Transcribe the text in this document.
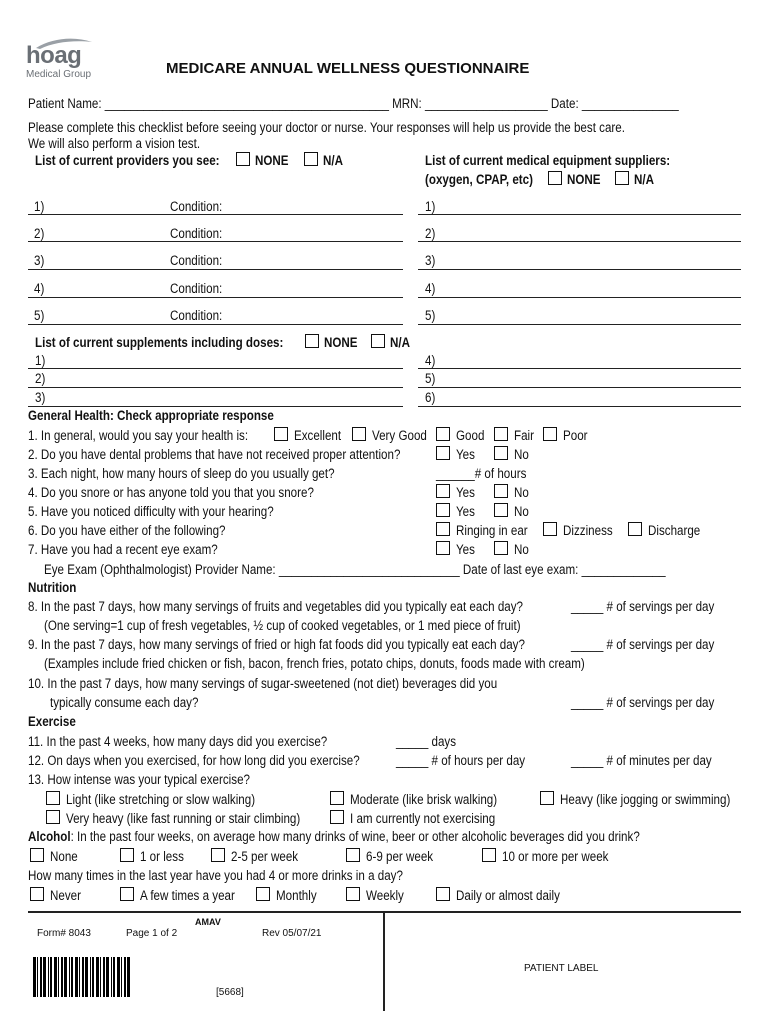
hoag
Medical Group	MEDICARE ANNUAL WELLNESS QUESTIONNAIRE
Patient Name: ____________________________________________ MRN: ___________________ Date: _______________
Please complete this checklist before seeing your doctor or nurse. Your responses will help us provide the best care.
We will also perform a vision test.
List of current providers you see:	NONE	N/A	List of current medical equipment suppliers:
(oxygen, CPAP, etc)	NONE N/A
1)	Condition:	1)
2)	Condition:	2)
3)	Condition:	3)
4)	Condition:	4)
5)	Condition:	5)
List of current supplements including doses:	NONE N/A
1)
2)
3)
4)
5)
6)
General Health: Check appropriate response
1. In general, would you say your health is:	Excellent Very Good Good Fair Poor
2. Do you have dental problems that have not received proper attention?	Yes	No
3. Each night, how many hours of sleep do you usually get?	______# of hours
4. Do you snore or has anyone told you that you snore?	Yes	No
5. Have you noticed difficulty with your hearing?	Yes	No
6. Do you have either of the following?	Ringing in ear	Dizziness	Discharge
7. Have you had a recent eye exam?	Yes	No
Eye Exam (Ophthalmologist) Provider Name: ____________________________ Date of last eye exam: _____________
Nutrition
8. In the past 7 days, how many servings of fruits and vegetables did you typically eat each day?	_____ # of servings per day
(One serving=1 cup of fresh vegetables, ½ cup of cooked vegetables, or 1 med piece of fruit)
9. In the past 7 days, how many servings of fried or high fat foods did you typically eat each day?	_____ # of servings per day
(Examples include fried chicken or fish, bacon, french fries, potato chips, donuts, foods made with cream)
10. In the past 7 days, how many servings of sugar-sweetened (not diet) beverages did you
typically consume each day?	_____ # of servings per day
Exercise
11. In the past 4 weeks, how many days did you exercise?	_____ days
12. On days when you exercised, for how long did you exercise?	_____ # of hours per day	_____ # of minutes per day
13. How intense was your typical exercise?
Light (like stretching or slow walking)	Moderate (like brisk walking)	Heavy (like jogging or swimming)
Very heavy (like fast running or stair climbing)	I am currently not exercising
Alcohol: In the past four weeks, on average how many drinks of wine, beer or other alcoholic beverages did you drink?
None	1 or less	2-5 per week	6-9 per week	10 or more per week
How many times in the last year have you had 4 or more drinks in a day?
Never	A few times a year	Monthly	Weekly	Daily or almost daily
Form# 8043	Page 1 of 2
AMAV
Rev 05/07/21
[5668]
PATIENT LABEL
